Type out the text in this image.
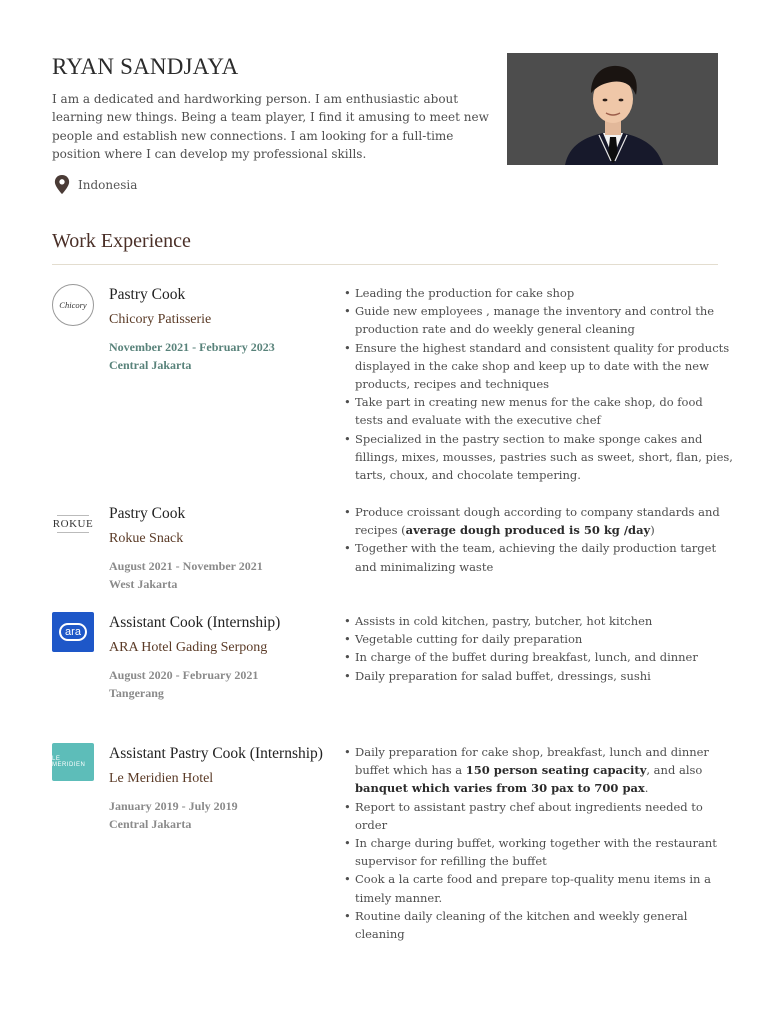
RYAN SANDJAYA

I am a dedicated and hardworking person. I am enthusiastic about learning new things. Being a team player, I find it amusing to meet new people and establish new connections. I am looking for a full-time position where I can develop my professional skills.

Indonesia
Work Experience
Chicory

Pastry Cook

Chicory Patisserie

November 2021 - February 2023

Central Jakarta

• Leading the production for cake shop
• Guide new employees , manage the inventory and control the production rate and do weekly general cleaning
• Ensure the highest standard and consistent quality for products displayed in the cake shop and keep up to date with the new products, recipes and techniques
• Take part in creating new menus for the cake shop, do food tests and evaluate with the executive chef
• Specialized in the pastry section to make sponge cakes and fillings, mixes, mousses, pastries such as sweet, short, flan, pies, tarts, choux, and chocolate tempering.
ROKUE

Pastry Cook

Rokue Snack

August 2021 - November 2021

West Jakarta

• Produce croissant dough according to company standards and recipes (average dough produced is 50 kg /day)
• Together with the team, achieving the daily production target and minimalizing waste
ara

Assistant Cook (Internship)

ARA Hotel Gading Serpong

August 2020 - February 2021

Tangerang

• Assists in cold kitchen, pastry, butcher, hot kitchen
• Vegetable cutting for daily preparation
• In charge of the buffet during breakfast, lunch, and dinner
• Daily preparation for salad buffet, dressings, sushi
LE MERIDIEN

Assistant Pastry Cook (Internship)

Le Meridien Hotel

January 2019 - July 2019

Central Jakarta

• Daily preparation for cake shop, breakfast, lunch and dinner buffet which has a 150 person seating capacity, and also banquet which varies from 30 pax to 700 pax.
• Report to assistant pastry chef about ingredients needed to order
• In charge during buffet, working together with the restaurant supervisor for refilling the buffet
• Cook a la carte food and prepare top-quality menu items in a timely manner.
• Routine daily cleaning of the kitchen and weekly general cleaning
